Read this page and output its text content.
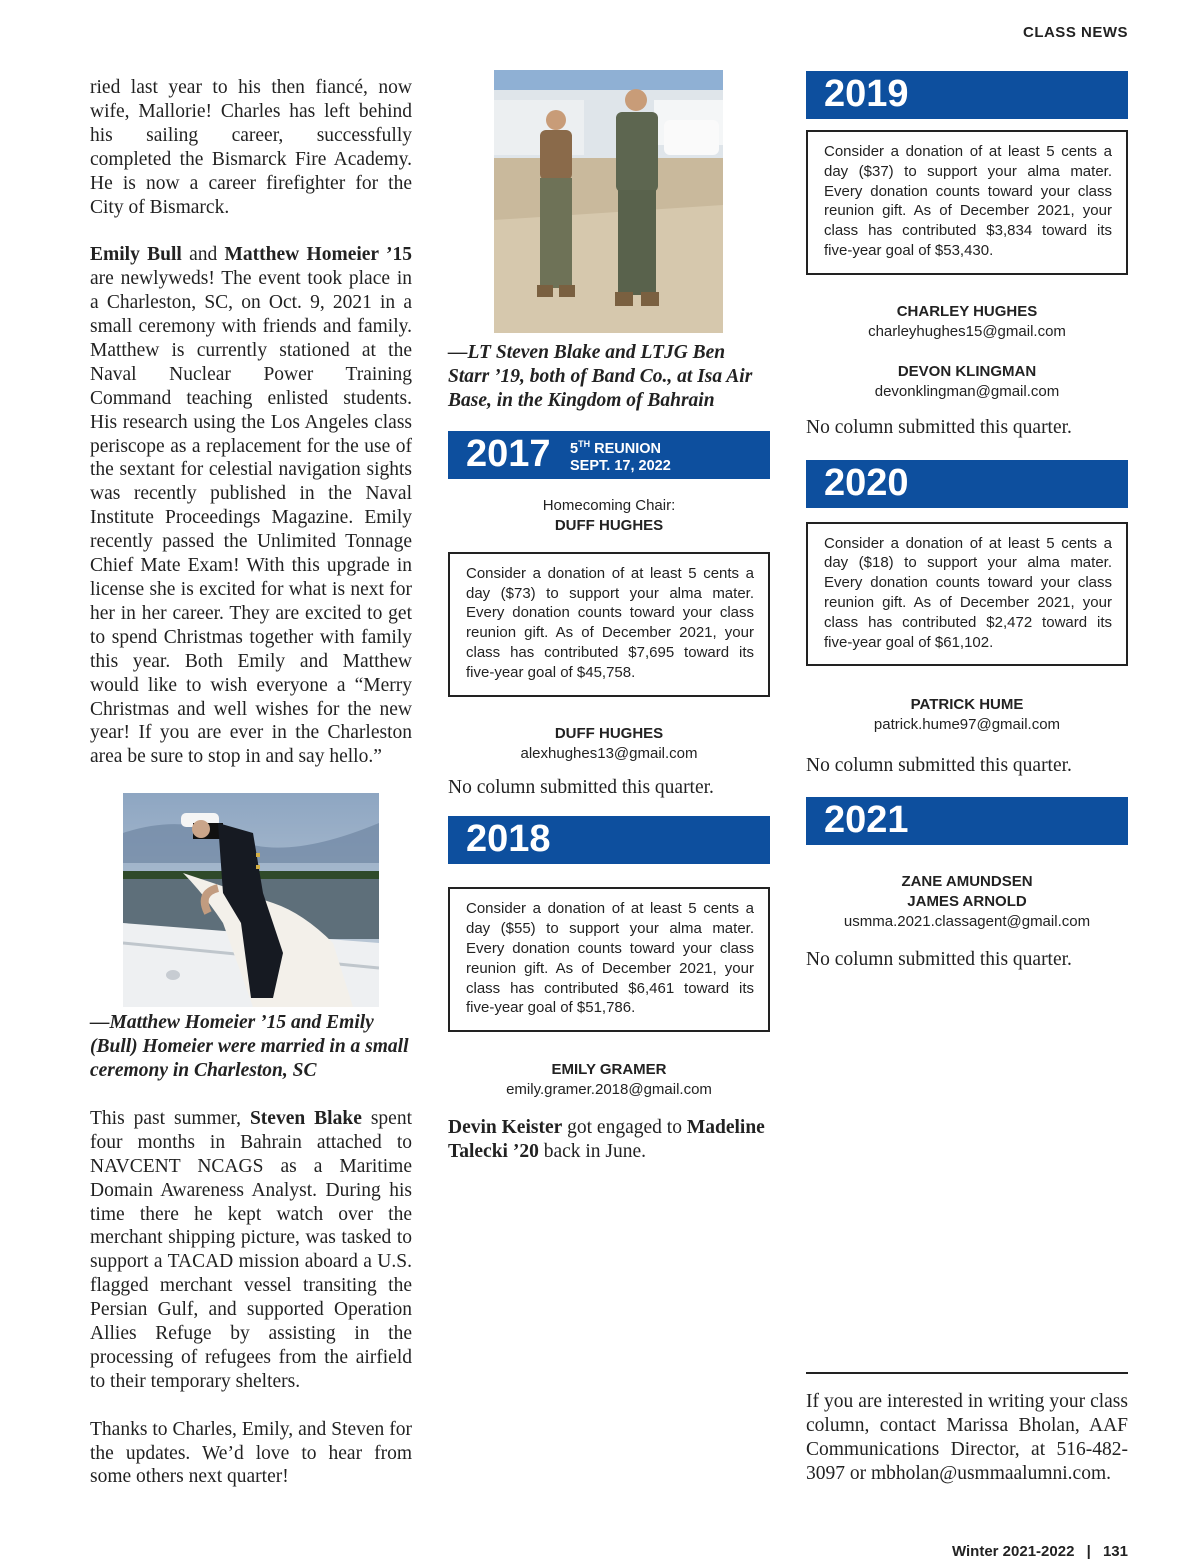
CLASS NEWS

ried last year to his then fiancé, now wife, Mallorie! Charles has left behind his sailing career, successfully completed the Bismarck Fire Academy. He is now a career firefighter for the City of Bismarck.

Emily Bull and Matthew Homeier ’15 are newlyweds! The event took place in a Charleston, SC, on Oct. 9, 2021 in a small ceremony with friends and family. Matthew is currently stationed at the Naval Nuclear Power Training Command teaching enlisted students. His research using the Los Angeles class periscope as a replacement for the use of the sextant for celestial navigation sights was recently published in the Naval Institute Proceedings Magazine. Emily recently passed the Unlimited Tonnage Chief Mate Exam! With this upgrade in license she is excited for what is next for her in her career. They are excited to get to spend Christmas together with family this year. Both Emily and Matthew would like to wish everyone a “Merry Christmas and well wishes for the new year! If you are ever in the Charleston area be sure to stop in and say hello.”

—Matthew Homeier ’15 and Emily (Bull) Homeier were married in a small ceremony in Charleston, SC

This past summer, Steven Blake spent four months in Bahrain attached to NAVCENT NCAGS as a Maritime Domain Awareness Analyst. During his time there he kept watch over the merchant shipping picture, was tasked to support a TACAD mission aboard a U.S. flagged merchant vessel transiting the Persian Gulf, and supported Operation Allies Refuge by assisting in the processing of refugees from the airfield to their temporary shelters.

Thanks to Charles, Emily, and Steven for the updates. We’d love to hear from some others next quarter!

—LT Steven Blake and LTJG Ben Starr ’19, both of Band Co., at Isa Air Base, in the Kingdom of Bahrain

2017 5TH REUNION
SEPT. 17, 2022
Homecoming Chair:
DUFF HUGHES
Consider a donation of at least 5 cents a day ($73) to support your alma mater. Every donation counts toward your class reunion gift. As of December 2021, your class has contributed $7,695 toward its five-year goal of $45,758.
DUFF HUGHES
alexhughes13@gmail.com

No column submitted this quarter.

2018
Consider a donation of at least 5 cents a day ($55) to support your alma mater. Every donation counts toward your class reunion gift. As of December 2021, your class has contributed $6,461 toward its five-year goal of $51,786.
EMILY GRAMER
emily.gramer.2018@gmail.com

Devin Keister got engaged to Madeline Talecki ’20 back in June.

2019
Consider a donation of at least 5 cents a day ($37) to support your alma mater. Every donation counts toward your class reunion gift. As of December 2021, your class has contributed $3,834 toward its five-year goal of $53,430.
CHARLEY HUGHES
charleyhughes15@gmail.com
DEVON KLINGMAN
devonklingman@gmail.com

No column submitted this quarter.

2020
Consider a donation of at least 5 cents a day ($18) to support your alma mater. Every donation counts toward your class reunion gift. As of December 2021, your class has contributed $2,472 toward its five-year goal of $61,102.
PATRICK HUME
patrick.hume97@gmail.com

No column submitted this quarter.

2021
ZANE AMUNDSEN
JAMES ARNOLD
usmma.2021.classagent@gmail.com

No column submitted this quarter.

If you are interested in writing your class column, contact Marissa Bholan, AAF Communications Director, at 516-482-3097 or mbholan@usmmaalumni.com.

Winter 2021-2022 | 131
